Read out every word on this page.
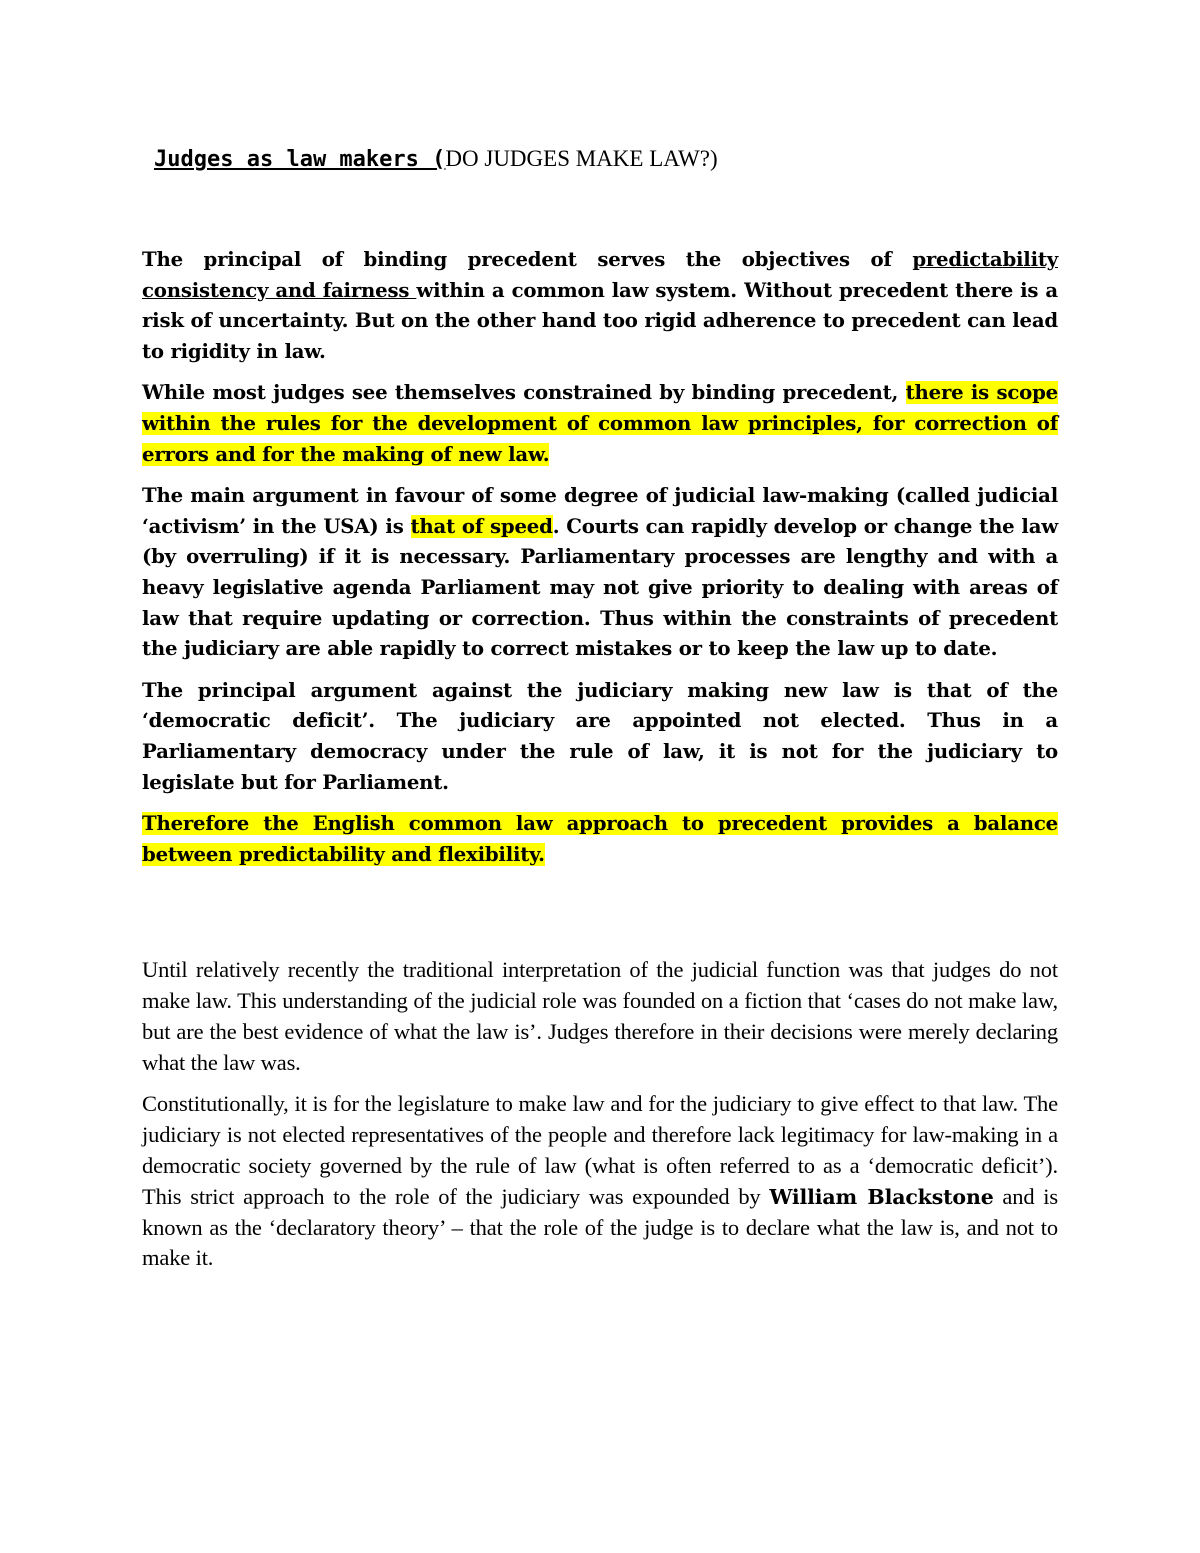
Judges as law makers (DO JUDGES MAKE LAW?)

The principal of binding precedent serves the objectives of predictability consistency and fairness within a common law system. Without precedent there is a risk of uncertainty. But on the other hand too rigid adherence to precedent can lead to rigidity in law.

While most judges see themselves constrained by binding precedent, there is scope within the rules for the development of common law principles, for correction of errors and for the making of new law.

The main argument in favour of some degree of judicial law-making (called judicial ‘activism’ in the USA) is that of speed. Courts can rapidly develop or change the law (by overruling) if it is necessary. Parliamentary processes are lengthy and with a heavy legislative agenda Parliament may not give priority to dealing with areas of law that require updating or correction. Thus within the constraints of precedent the judiciary are able rapidly to correct mistakes or to keep the law up to date.

The principal argument against the judiciary making new law is that of the ‘democratic deficit’. The judiciary are appointed not elected. Thus in a Parliamentary democracy under the rule of law, it is not for the judiciary to legislate but for Parliament.

Therefore the English common law approach to precedent provides a balance between predictability and flexibility.

Until relatively recently the traditional interpretation of the judicial function was that judges do not make law. This understanding of the judicial role was founded on a fiction that ‘cases do not make law, but are the best evidence of what the law is’. Judges therefore in their decisions were merely declaring what the law was.

Constitutionally, it is for the legislature to make law and for the judiciary to give effect to that law. The judiciary is not elected representatives of the people and therefore lack legitimacy for law-making in a democratic society governed by the rule of law (what is often referred to as a ‘democratic deficit’). This strict approach to the role of the judiciary was expounded by William Blackstone and is known as the ‘declaratory theory’ – that the role of the judge is to declare what the law is, and not to make it.
